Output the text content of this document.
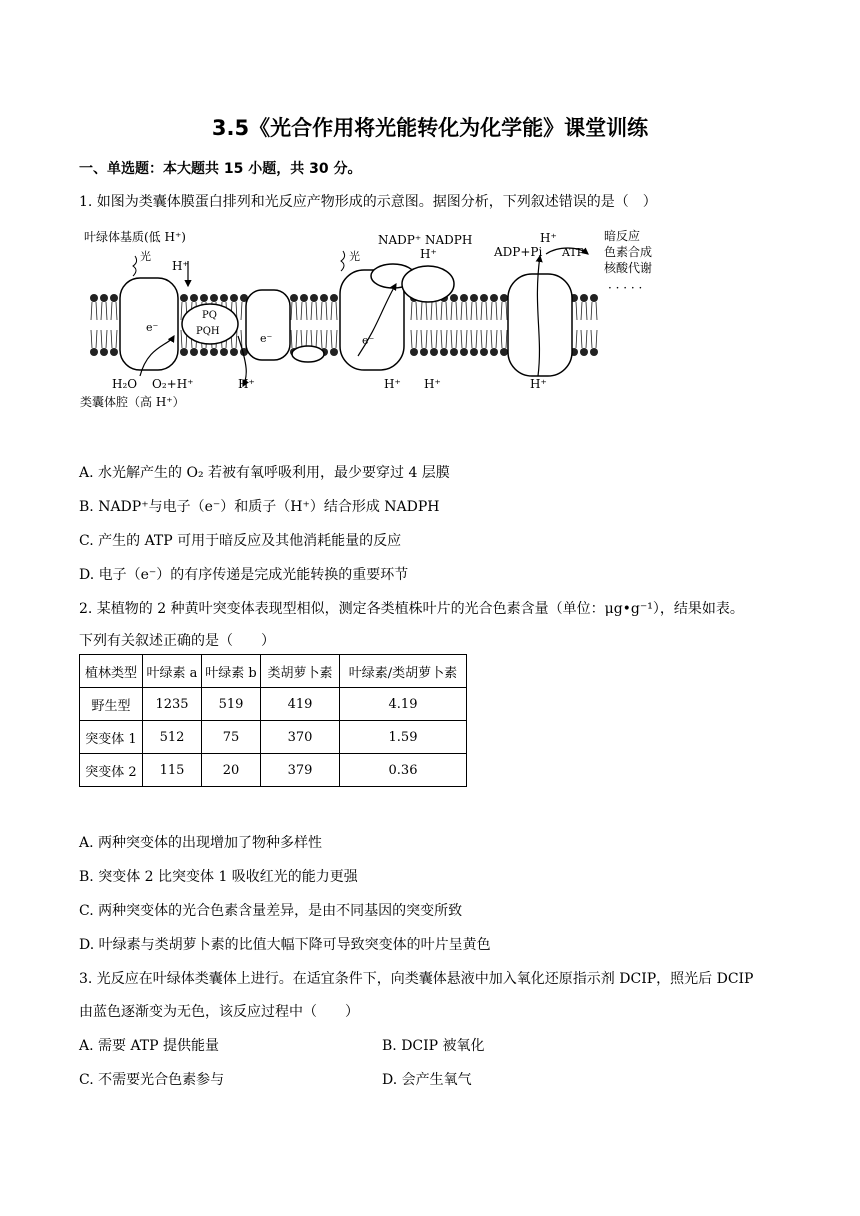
3.5《光合作用将光能转化为化学能》课堂训练
一、单选题：本大题共 15 小题，共 30 分。
1. 如图为类囊体膜蛋白排列和光反应产物形成的示意图。据图分析，下列叙述错误的是（　）
叶绿体基质(低 H⁺)
光
H⁺
光
NADP⁺ NADPH
H⁺	ADP+Pi
H⁺
ATP
暗反应
色素合成
核酸代谢
· · · · ·
e⁻
PQ
PQH
e⁻	e⁻
H₂O O₂+H⁺	H⁺	H⁺ H⁺	H⁺
类囊体腔（高 H⁺）
A. 水光解产生的 O₂ 若被有氧呼吸利用，最少要穿过 4 层膜
B. NADP⁺与电子（e⁻）和质子（H⁺）结合形成 NADPH
C. 产生的 ATP 可用于暗反应及其他消耗能量的反应
D. 电子（e⁻）的有序传递是完成光能转换的重要环节
2. 某植物的 2 种黄叶突变体表现型相似，测定各类植株叶片的光合色素含量（单位：μg•g⁻¹），结果如表。
下列有关叙述正确的是（　　）
植林类型	叶绿素 a	叶绿素 b	类胡萝卜素	叶绿素/类胡萝卜素
野生型	1235	519	419	4.19
突变体 1	512	75	370	1.59
突变体 2	115	20	379	0.36
A. 两种突变体的出现增加了物种多样性
B. 突变体 2 比突变体 1 吸收红光的能力更强
C. 两种突变体的光合色素含量差异，是由不同基因的突变所致
D. 叶绿素与类胡萝卜素的比值大幅下降可导致突变体的叶片呈黄色
3. 光反应在叶绿体类囊体上进行。在适宜条件下，向类囊体悬液中加入氧化还原指示剂 DCIP，照光后 DCIP
由蓝色逐渐变为无色，该反应过程中（　　）
A. 需要 ATP 提供能量	B. DCIP 被氧化
C. 不需要光合色素参与	D. 会产生氧气
